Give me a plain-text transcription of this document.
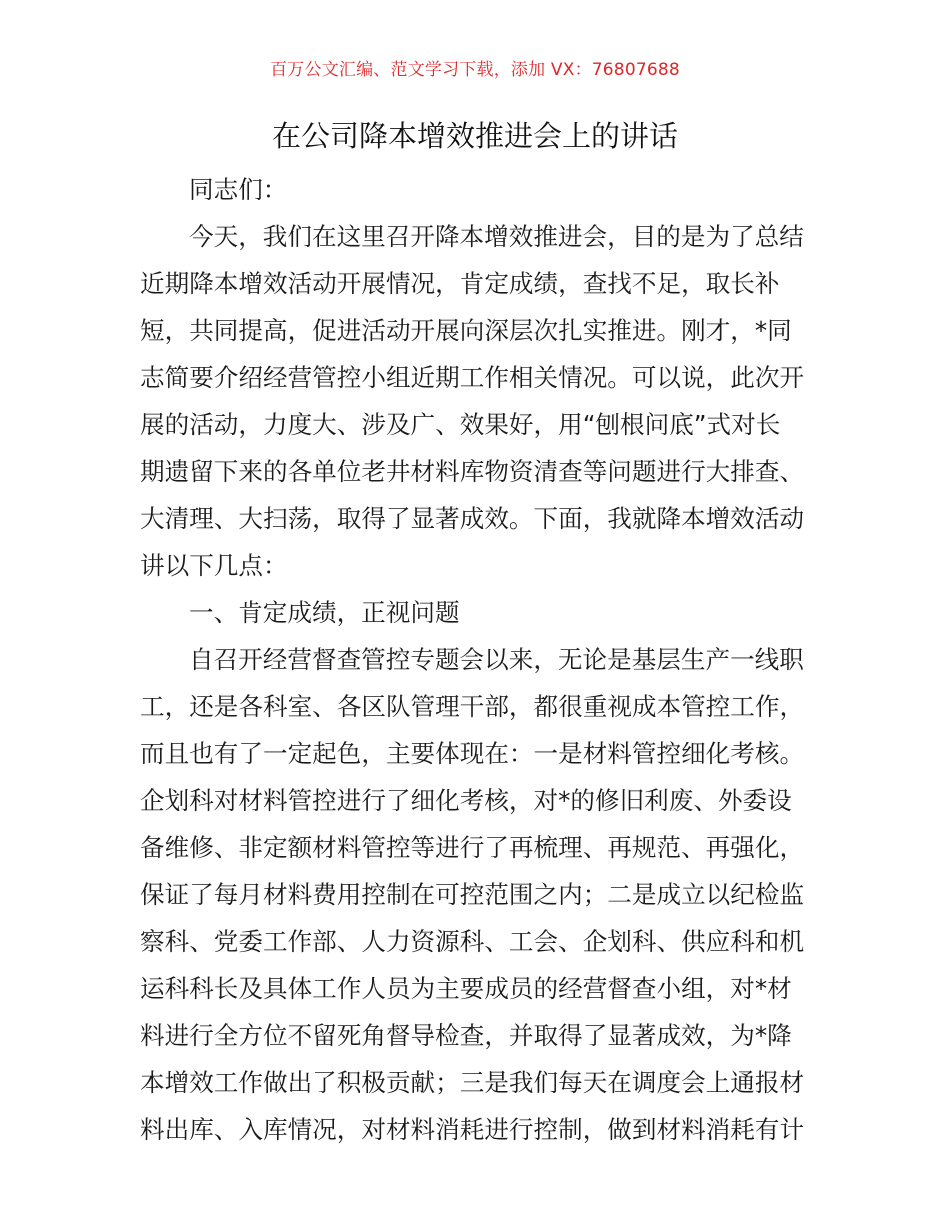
百万公文汇编、范文学习下载，添加 VX：76807688
在公司降本增效推进会上的讲话
同志们：
今天，我们在这里召开降本增效推进会，目的是为了总结
近期降本增效活动开展情况，肯定成绩，查找不足，取长补
短，共同提高，促进活动开展向深层次扎实推进。刚才，*同
志简要介绍经营管控小组近期工作相关情况。可以说，此次开
展的活动，力度大、涉及广、效果好，用“刨根问底”式对长
期遗留下来的各单位老井材料库物资清查等问题进行大排查、
大清理、大扫荡，取得了显著成效。下面，我就降本增效活动
讲以下几点：
一、肯定成绩，正视问题
自召开经营督查管控专题会以来，无论是基层生产一线职
工，还是各科室、各区队管理干部，都很重视成本管控工作，
而且也有了一定起色，主要体现在：一是材料管控细化考核。
企划科对材料管控进行了细化考核，对*的修旧利废、外委设
备维修、非定额材料管控等进行了再梳理、再规范、再强化，
保证了每月材料费用控制在可控范围之内；二是成立以纪检监
察科、党委工作部、人力资源科、工会、企划科、供应科和机
运科科长及具体工作人员为主要成员的经营督查小组，对*材
料进行全方位不留死角督导检查，并取得了显著成效，为*降
本增效工作做出了积极贡献；三是我们每天在调度会上通报材
料出库、入库情况，对材料消耗进行控制，做到材料消耗有计
